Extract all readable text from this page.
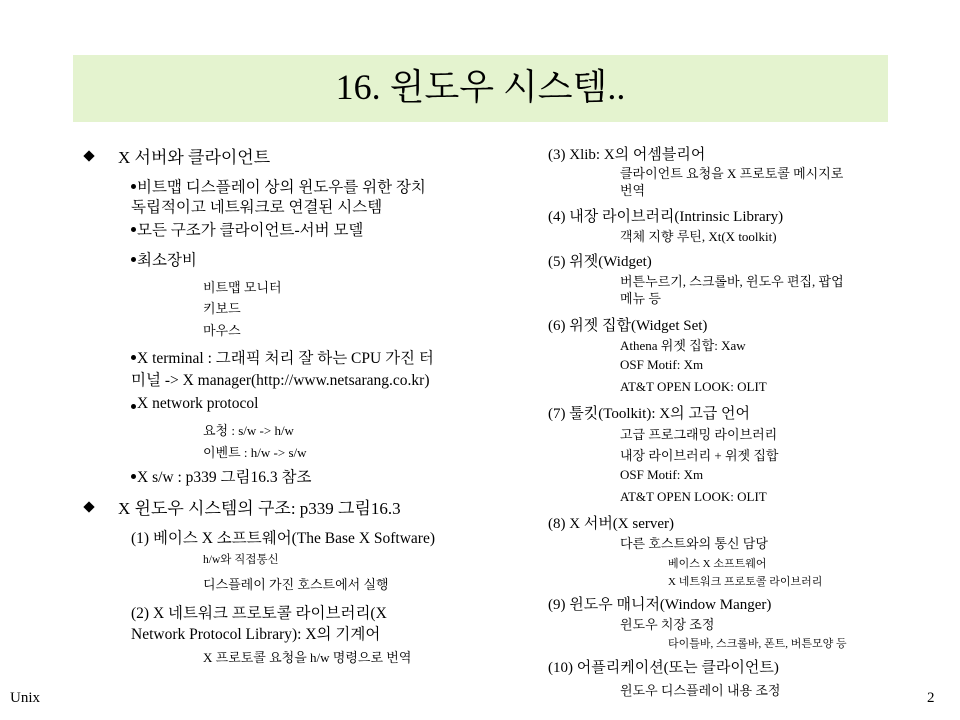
16. 윈도우 시스템..
X 서버와 클라이언트
비트맵 디스플레이 상의 윈도우를 위한 장치
독립적이고 네트워크로 연결된 시스템
모든 구조가 클라이언트-서버 모델
최소장비
비트맵 모니터
키보드
마우스
X terminal : 그래픽 처리 잘 하는 CPU 가진 터
미널 -> X manager(http://www.netsarang.co.kr)
X network protocol
요청 : s/w -> h/w
이벤트 : h/w -> s/w
X s/w : p339 그림16.3 참조
X 윈도우 시스템의 구조: p339 그림16.3
(1) 베이스 X 소프트웨어(The Base X Software)
h/w와 직접통신
디스플레이 가진 호스트에서 실행
(2) X 네트워크 프로토콜 라이브러리(X
Network Protocol Library): X의 기계어
X 프로토콜 요청을 h/w 명령으로 번역
(3) Xlib: X의 어셈블리어
클라이언트 요청을 X 프로토콜 메시지로
번역
(4) 내장 라이브러리(Intrinsic Library)
객체 지향 루틴, Xt(X toolkit)
(5) 위젯(Widget)
버튼누르기, 스크롤바, 윈도우 편집, 팝업
메뉴 등
(6) 위젯 집합(Widget Set)
Athena 위젯 집합: Xaw
OSF Motif: Xm
AT&T OPEN LOOK: OLIT
(7) 툴킷(Toolkit): X의 고급 언어
고급 프로그래밍 라이브러리
내장 라이브러리 + 위젯 집합
OSF Motif: Xm
AT&T OPEN LOOK: OLIT
(8) X 서버(X server)
다른 호스트와의 통신 담당
베이스 X 소프트웨어
X 네트워크 프로토콜 라이브러리
(9) 윈도우 매니저(Window Manger)
윈도우 치장 조정
타이틀바, 스크롤바, 폰트, 버튼모양 등
(10) 어플리케이션(또는 클라이언트)
윈도우 디스플레이 내용 조정
Unix	2
